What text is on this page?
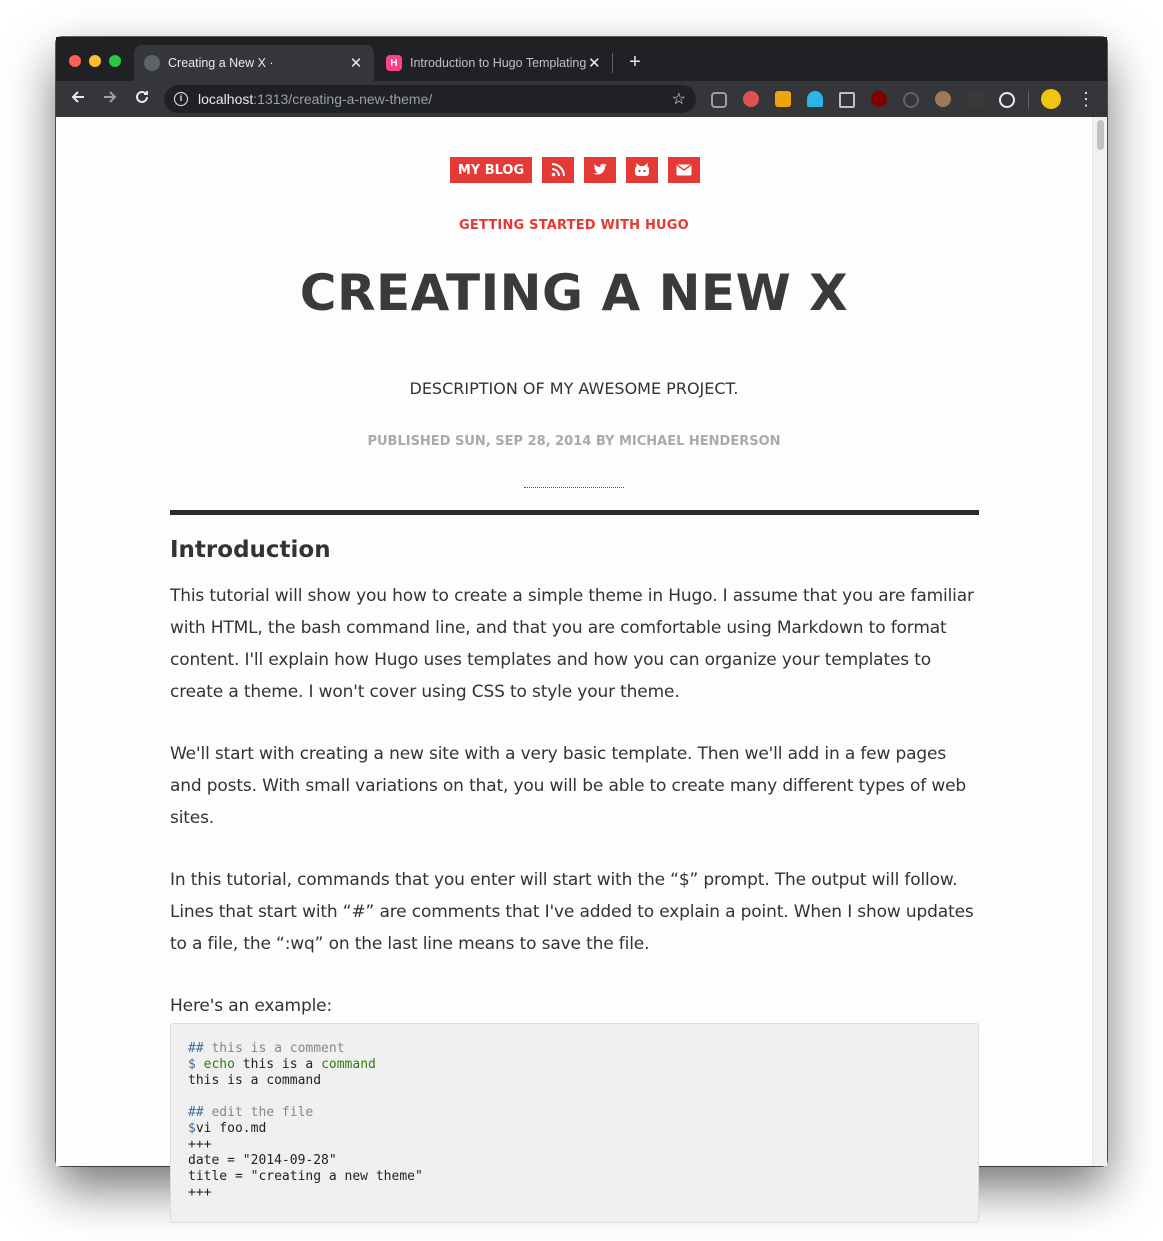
Creating a New X ·	✕	H Introduction to Hugo Templating ✕ +
i	localhost :1313/creating-a-new-theme/	☆	⋮
MY BLOG
GETTING STARTED WITH HUGO
CREATING A NEW X
DESCRIPTION OF MY AWESOME PROJECT.
PUBLISHED SUN, SEP 28, 2014 BY MICHAEL HENDERSON
Introduction

This tutorial will show you how to create a simple theme in Hugo. I assume that you are familiar with HTML, the bash command line, and that you are comfortable using Markdown to format content. I'll explain how Hugo uses templates and how you can organize your templates to create a theme. I won't cover using CSS to style your theme.

We'll start with creating a new site with a very basic template. Then we'll add in a few pages and posts. With small variations on that, you will be able to create many different types of web sites.

In this tutorial, commands that you enter will start with the “$” prompt. The output will follow. Lines that start with “#” are comments that I've added to explain a point. When I show updates to a file, the “:wq” on the last line means to save the file.

Here's an example:

## this is a comment
$ echo this is a command
this is a command
## edit the file
$vi foo.md
+++
date = "2014-09-28"
title = "creating a new theme"
+++
